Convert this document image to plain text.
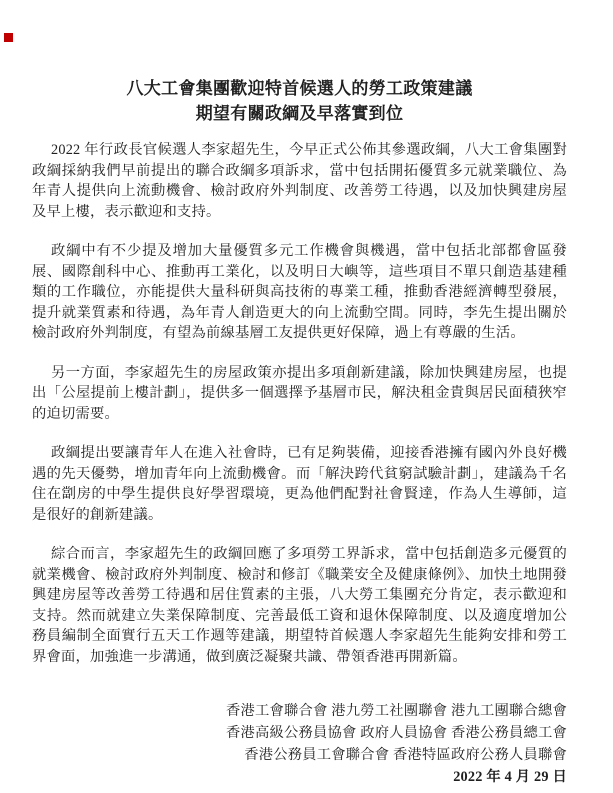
八大工會集團歡迎特首候選人的勞工政策建議
期望有關政綱及早落實到位

2022 年行政長官候選人李家超先生，今早正式公佈其參選政綱，八大工會集團對政綱採納我們早前提出的聯合政綱多項訴求，當中包括開拓優質多元就業職位、為年青人提供向上流動機會、檢討政府外判制度、改善勞工待遇，以及加快興建房屋及早上樓，表示歡迎和支持。

政綱中有不少提及增加大量優質多元工作機會與機遇，當中包括北部都會區發展、國際創科中心、推動再工業化，以及明日大嶼等，這些項目不單只創造基建種類的工作職位，亦能提供大量科研與高技術的專業工種，推動香港經濟轉型發展，提升就業質素和待遇，為年青人創造更大的向上流動空間。同時，李先生提出關於檢討政府外判制度，有望為前線基層工友提供更好保障，過上有尊嚴的生活。

另一方面，李家超先生的房屋政策亦提出多項創新建議，除加快興建房屋，也提出「公屋提前上樓計劃」，提供多一個選擇予基層市民，解決租金貴與居民面積狹窄的迫切需要。

政綱提出要讓青年人在進入社會時，已有足夠裝備，迎接香港擁有國內外良好機遇的先天優勢，增加青年向上流動機會。而「解決跨代貧窮試驗計劃」，建議為千名住在劏房的中學生提供良好學習環境，更為他們配對社會賢達，作為人生導師，這是很好的創新建議。

綜合而言，李家超先生的政綱回應了多項勞工界訴求，當中包括創造多元優質的就業機會、檢討政府外判制度、檢討和修訂《職業安全及健康條例》、加快土地開發興建房屋等改善勞工待遇和居住質素的主張，八大勞工集團充分肯定，表示歡迎和支持。然而就建立失業保障制度、完善最低工資和退休保障制度、以及適度增加公務員編制全面實行五天工作週等建議，期望特首候選人李家超先生能夠安排和勞工界會面，加強進一步溝通，做到廣泛凝聚共識、帶領香港再開新篇。

香港工會聯合會 港九勞工社團聯會 港九工團聯合總會
香港高級公務員協會 政府人員協會 香港公務員總工會
香港公務員工會聯合會 香港特區政府公務人員聯會
2022 年 4 月 29 日
